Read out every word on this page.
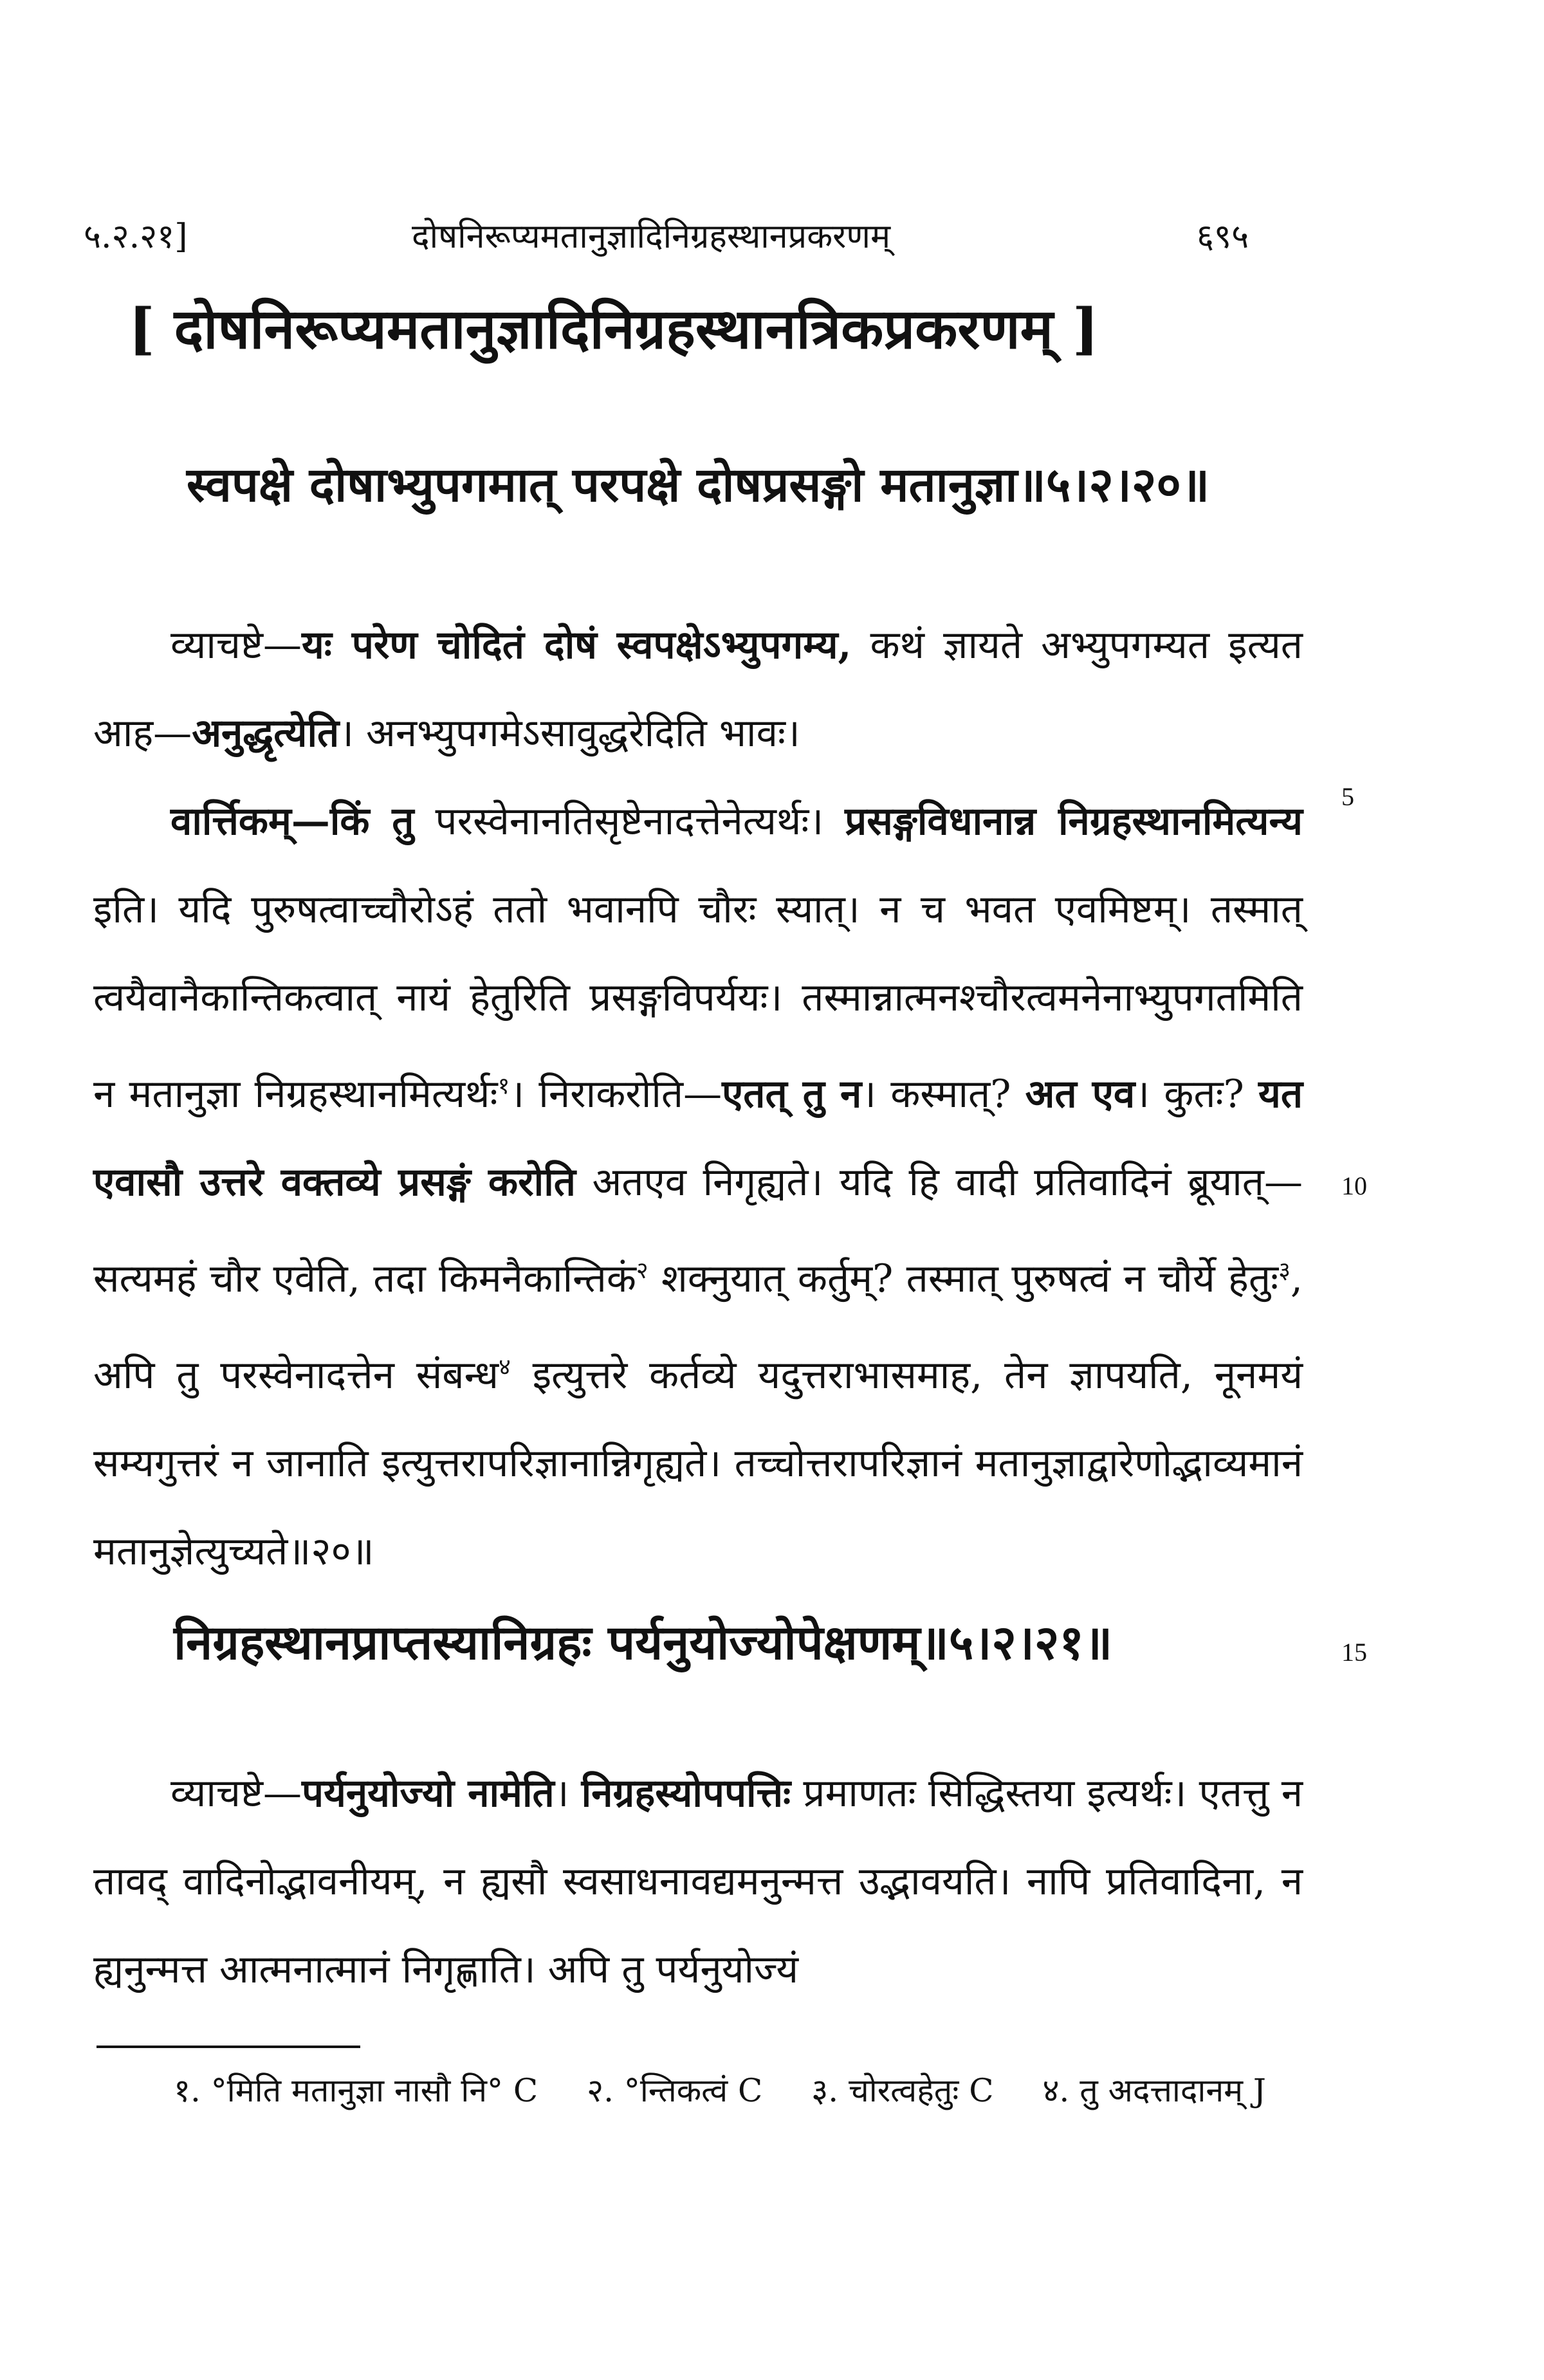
५.२.२१]	दोषनिरूप्यमतानुज्ञादिनिग्रहस्थानप्रकरणम्	६९५
[ दोषनिरूप्यमतानुज्ञादिनिग्रहस्थानत्रिकप्रकरणम् ]
स्वपक्षे दोषाभ्युपगमात् परपक्षे दोषप्रसङ्गो मतानुज्ञा॥५।२।२०॥

व्याचष्टे—यः परेण चोदितं दोषं स्वपक्षेऽभ्युपगम्य, कथं ज्ञायते अभ्युपगम्यत इत्यत आह—अनुद्धृत्येति। अनभ्युपगमेऽसावुद्धरेदिति भावः।

वार्त्तिकम्—किं तु परस्वेनानतिसृष्टेनादत्तेनेत्यर्थः। प्रसङ्गविधानान्न निग्रहस्थानमित्यन्य इति। यदि पुरुषत्वाच्चौरोऽहं ततो भवानपि चौरः स्यात्। न च भवत एवमिष्टम्। तस्मात् त्वयैवानैकान्तिकत्वात् नायं हेतुरिति प्रसङ्गविपर्ययः। तस्मान्नात्मनश्चौरत्वमनेनाभ्युपगतमिति न मतानुज्ञा निग्रहस्थानमित्यर्थः$^१$। निराकरोति—एतत् तु न। कस्मात्? अत एव। कुतः? यत एवासौ उत्तरे वक्तव्ये प्रसङ्गं करोति अतएव निगृह्यते। यदि हि वादी प्रतिवादिनं ब्रूयात्—सत्यमहं चौर एवेति, तदा किमनैकान्तिकं$^२$ शक्नुयात् कर्तुम्? तस्मात् पुरुषत्वं न चौर्ये हेतुः$^३$, अपि तु परस्वेनादत्तेन संबन्ध$^४$ इत्युत्तरे कर्तव्ये यदुत्तराभासमाह, तेन ज्ञापयति, नूनमयं सम्यगुत्तरं न जानाति इत्युत्तरापरिज्ञानान्निगृह्यते। तच्चोत्तरापरिज्ञानं मतानुज्ञाद्वारेणोद्भाव्यमानं मतानुज्ञेत्युच्यते॥२०॥

5
10
15
निग्रहस्थानप्राप्तस्यानिग्रहः पर्यनुयोज्योपेक्षणम्॥५।२।२१॥

व्याचष्टे—पर्यनुयोज्यो नामेति। निग्रहस्योपपत्तिः प्रमाणतः सिद्धिस्तया इत्यर्थः। एतत्तु न तावद् वादिनोद्भावनीयम्, न ह्यसौ स्वसाधनावद्यमनुन्मत्त उद्भावयति। नापि प्रतिवादिना, न ह्यनुन्मत्त आत्मनात्मानं निगृह्णाति। अपि तु पर्यनुयोज्यं

१. °मिति मतानुज्ञा नासौ नि° C २. °न्तिकत्वं C ३. चोरत्वहेतुः C ४. तु अदत्तादानम् J
